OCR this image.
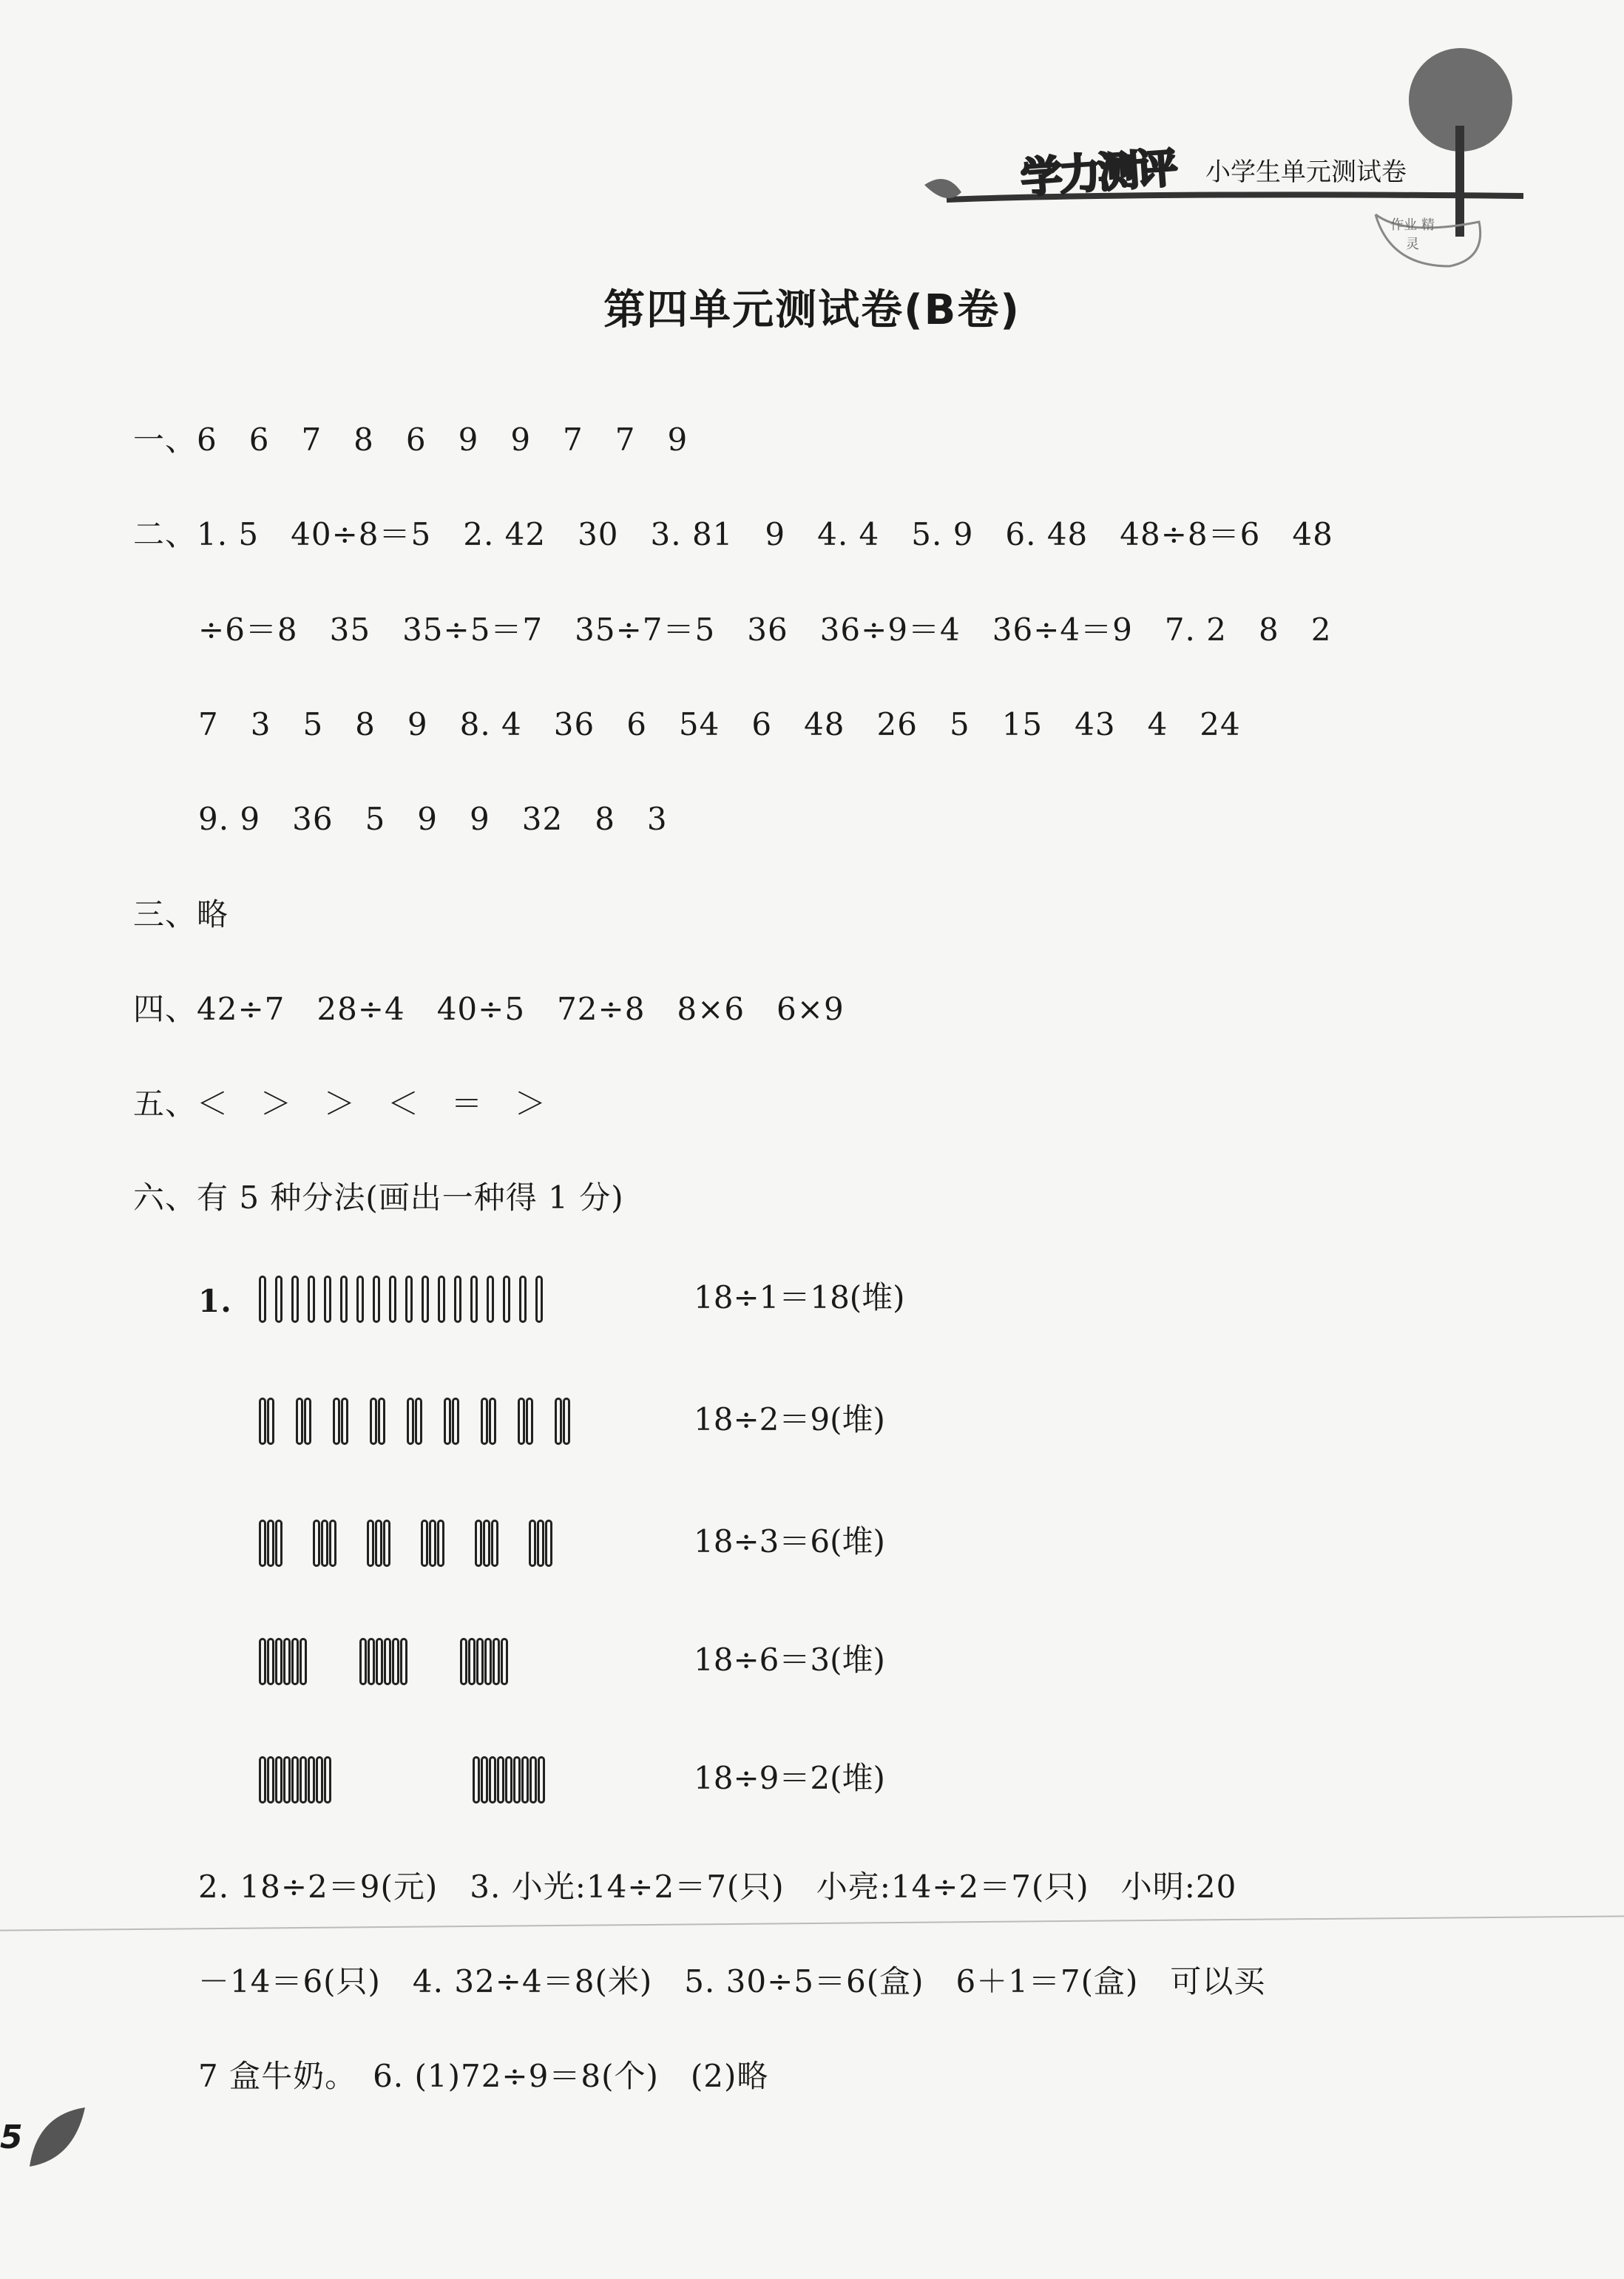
学力测评 小学生单元测试卷
作业 精灵
第四单元测试卷(B卷)
一、6　6　7　8　6　9　9　7　7　9
二、1. 5　40÷8＝5　2. 42　30　3. 81　9　4. 4　5. 9　6. 48　48÷8＝6　48
÷6＝8　35　35÷5＝7　35÷7＝5　36　36÷9＝4　36÷4＝9　7. 2　8　2
7　3　5　8　9　8. 4　36　6　54　6　48　26　5　15　43　4　24
9. 9　36　5　9　9　32　8　3
三、略
四、42÷7　28÷4　40÷5　72÷8　8×6　6×9
五、＜　＞　＞　＜　＝　＞
六、有 5 种分法(画出一种得 1 分)
1.	18÷1＝18(堆)
18÷2＝9(堆)
18÷3＝6(堆)
18÷6＝3(堆)
18÷9＝2(堆)
2. 18÷2＝9(元)　3. 小光:14÷2＝7(只)　小亮:14÷2＝7(只)　小明:20
－14＝6(只)　4. 32÷4＝8(米)　5. 30÷5＝6(盒)　6＋1＝7(盒)　可以买
7 盒牛奶。　6. (1)72÷9＝8(个)　(2)略
5
